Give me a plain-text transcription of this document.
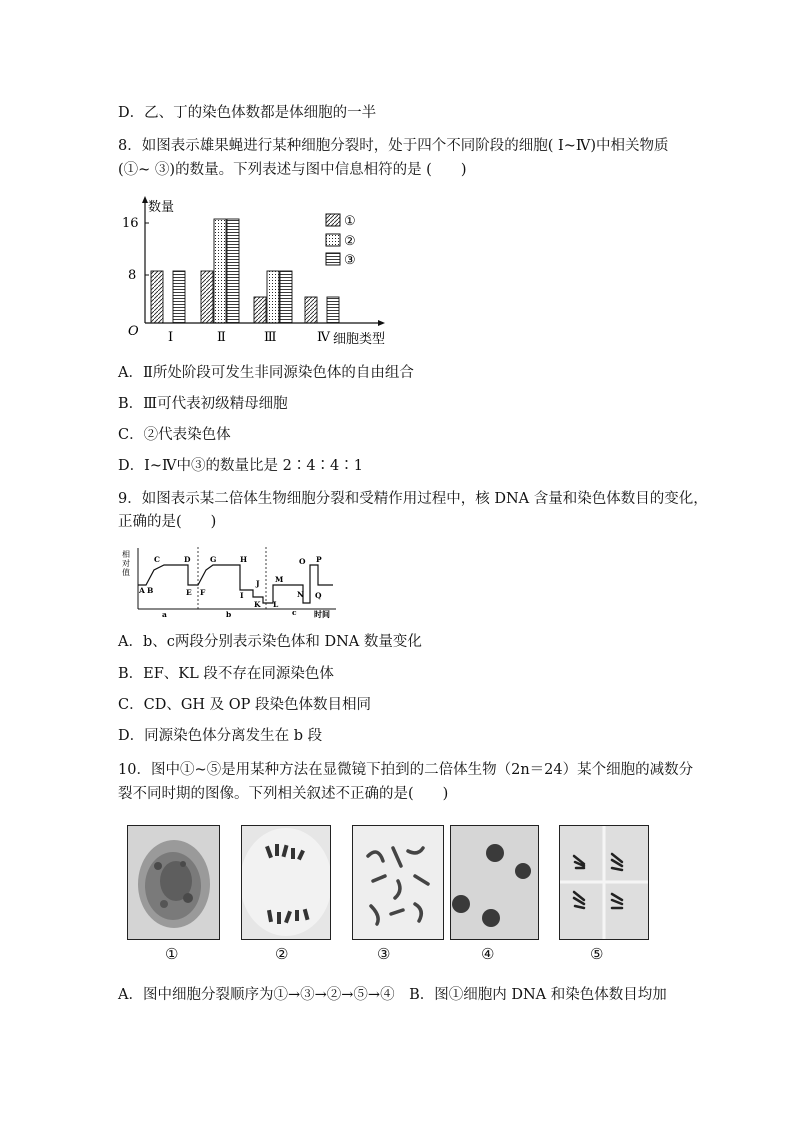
D．乙、丁的染色体数都是体细胞的一半
8．如图表示雄果蝇进行某种细胞分裂时，处于四个不同阶段的细胞( Ⅰ~Ⅳ)中相关物质
(①~ ③)的数量。下列表述与图中信息相符的是 (　　)
数量
O
16
8
Ⅰ	Ⅱ	Ⅲ	Ⅳ 细胞类型
①
②
③
A．Ⅱ所处阶段可发生非同源染色体的自由组合
B．Ⅲ可代表初级精母细胞
C．②代表染色体
D．Ⅰ~Ⅳ中③的数量比是 2∶4∶4∶1
9．如图表示某二倍体生物细胞分裂和受精作用过程中，核 DNA 含量和染色体数目的变化，
正确的是(　　)
相
对
值
A B
C	D
E F
G	H
I
J
K L
M
N
O P
Q
a	b	c 时间
A．b、c两段分别表示染色体和 DNA 数量变化
B．EF、KL 段不存在同源染色体
C．CD、GH 及 OP 段染色体数目相同
D．同源染色体分离发生在 b 段
10．图中①~⑤是用某种方法在显微镜下拍到的二倍体生物（2n＝24）某个细胞的减数分
裂不同时期的图像。下列相关叙述不正确的是(　　)
①	②	③	④	⑤
A．图中细胞分裂顺序为①→③→②→⑤→④　B．图①细胞内 DNA 和染色体数目均加
